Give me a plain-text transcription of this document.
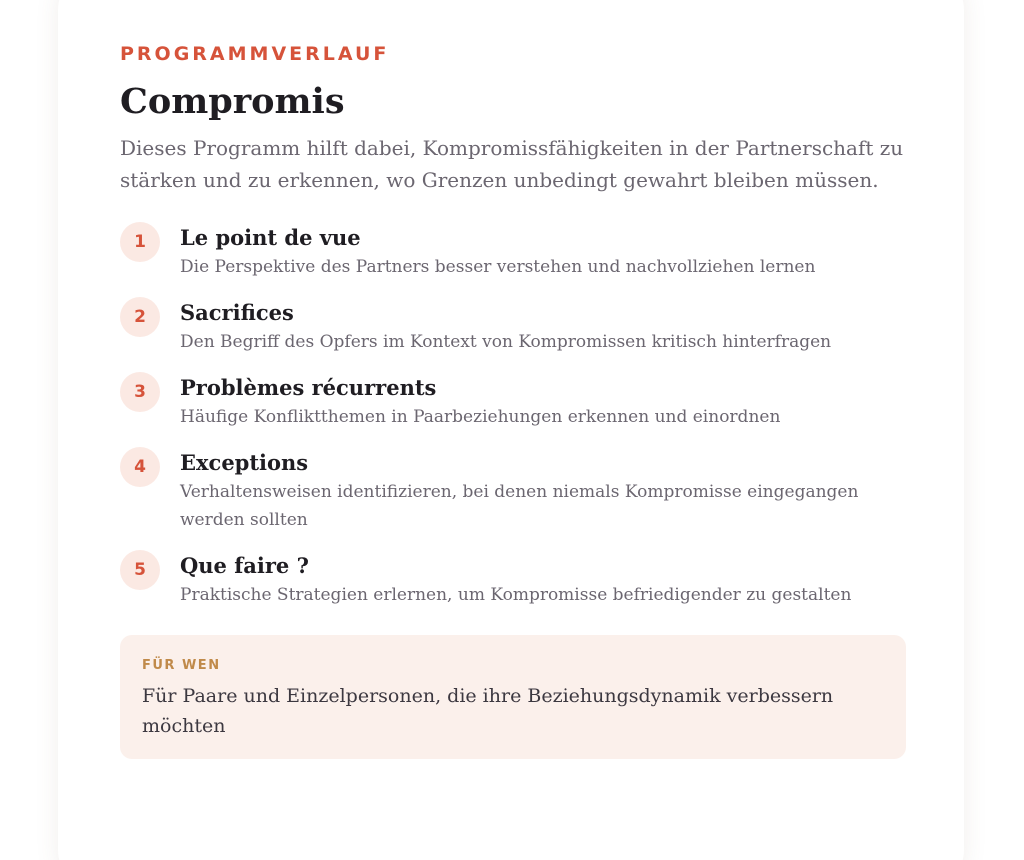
PROGRAMMVERLAUF

Compromis

Dieses Programm hilft dabei, Kompromissfähigkeiten in der Partnerschaft zu stärken und zu erkennen, wo Grenzen unbedingt gewahrt bleiben müssen.

1	Le point de vue

Die Perspektive des Partners besser verstehen und nachvollziehen lernen

2	Sacrifices

Den Begriff des Opfers im Kontext von Kompromissen kritisch hinterfragen

3	Problèmes récurrents

Häufige Konfliktthemen in Paarbeziehungen erkennen und einordnen

4	Exceptions

Verhaltensweisen identifizieren, bei denen niemals Kompromisse eingegangen werden sollten

5	Que faire ?

Praktische Strategien erlernen, um Kompromisse befriedigender zu gestalten

FÜR WEN

Für Paare und Einzelpersonen, die ihre Beziehungsdynamik verbessern möchten
